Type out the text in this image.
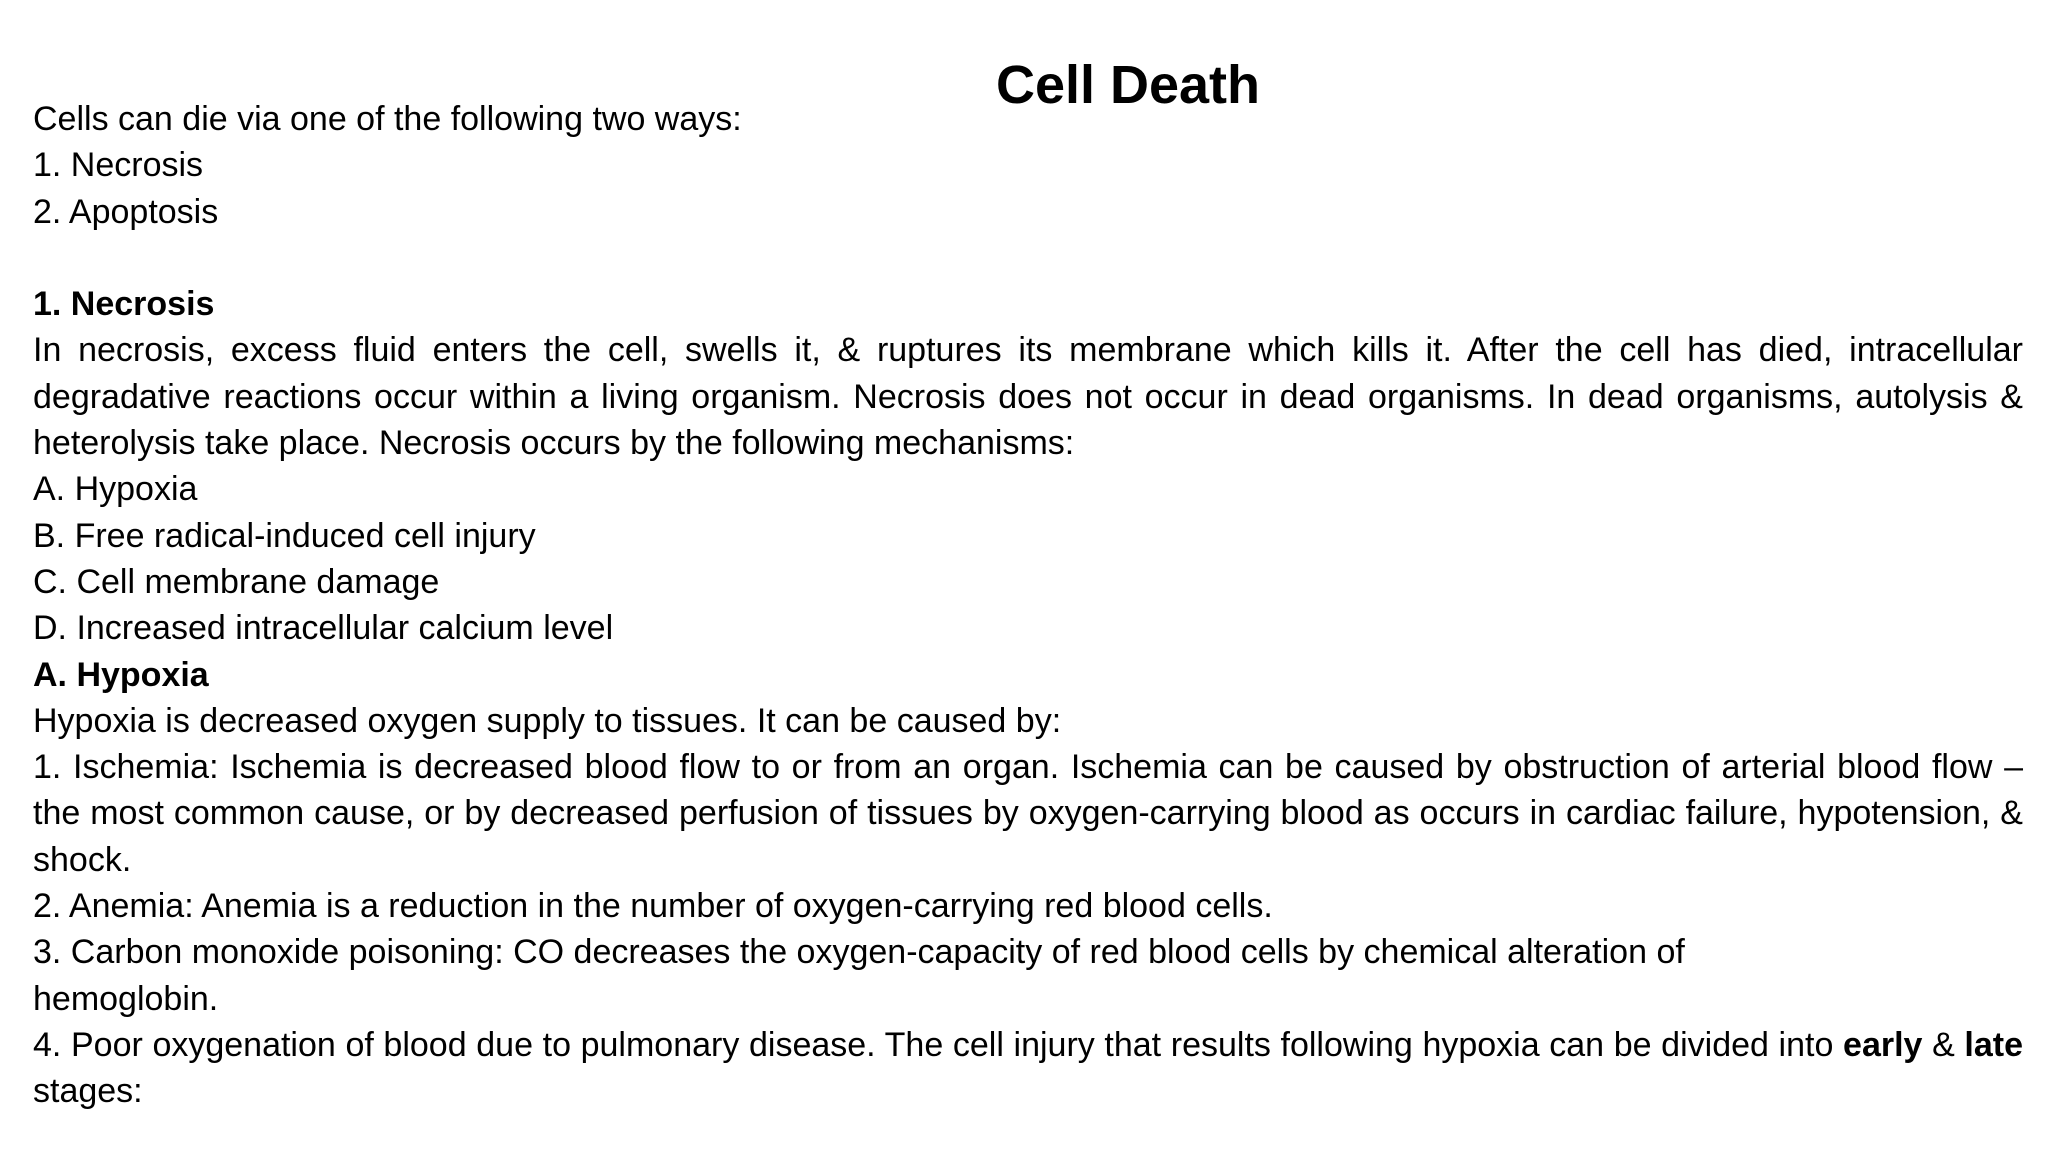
Cell Death
Cells can die via one of the following two ways:
1. Necrosis
2. Apoptosis
1. Necrosis

In necrosis, excess fluid enters the cell, swells it, & ruptures its membrane which kills it. After the cell has died, intracellular degradative reactions occur within a living organism. Necrosis does not occur in dead organisms. In dead organisms, autolysis & heterolysis take place. Necrosis occurs by the following mechanisms:

A. Hypoxia
B. Free radical-induced cell injury
C. Cell membrane damage
D. Increased intracellular calcium level
A. Hypoxia
Hypoxia is decreased oxygen supply to tissues. It can be caused by:

1. Ischemia: Ischemia is decreased blood flow to or from an organ. Ischemia can be caused by obstruction of arterial blood flow – the most common cause, or by decreased perfusion of tissues by oxygen-carrying blood as occurs in cardiac failure, hypotension, & shock.

2. Anemia: Anemia is a reduction in the number of oxygen-carrying red blood cells.
3. Carbon monoxide poisoning: CO decreases the oxygen-capacity of red blood cells by chemical alteration of
hemoglobin.

4. Poor oxygenation of blood due to pulmonary disease. The cell injury that results following hypoxia can be divided into early & late stages:
